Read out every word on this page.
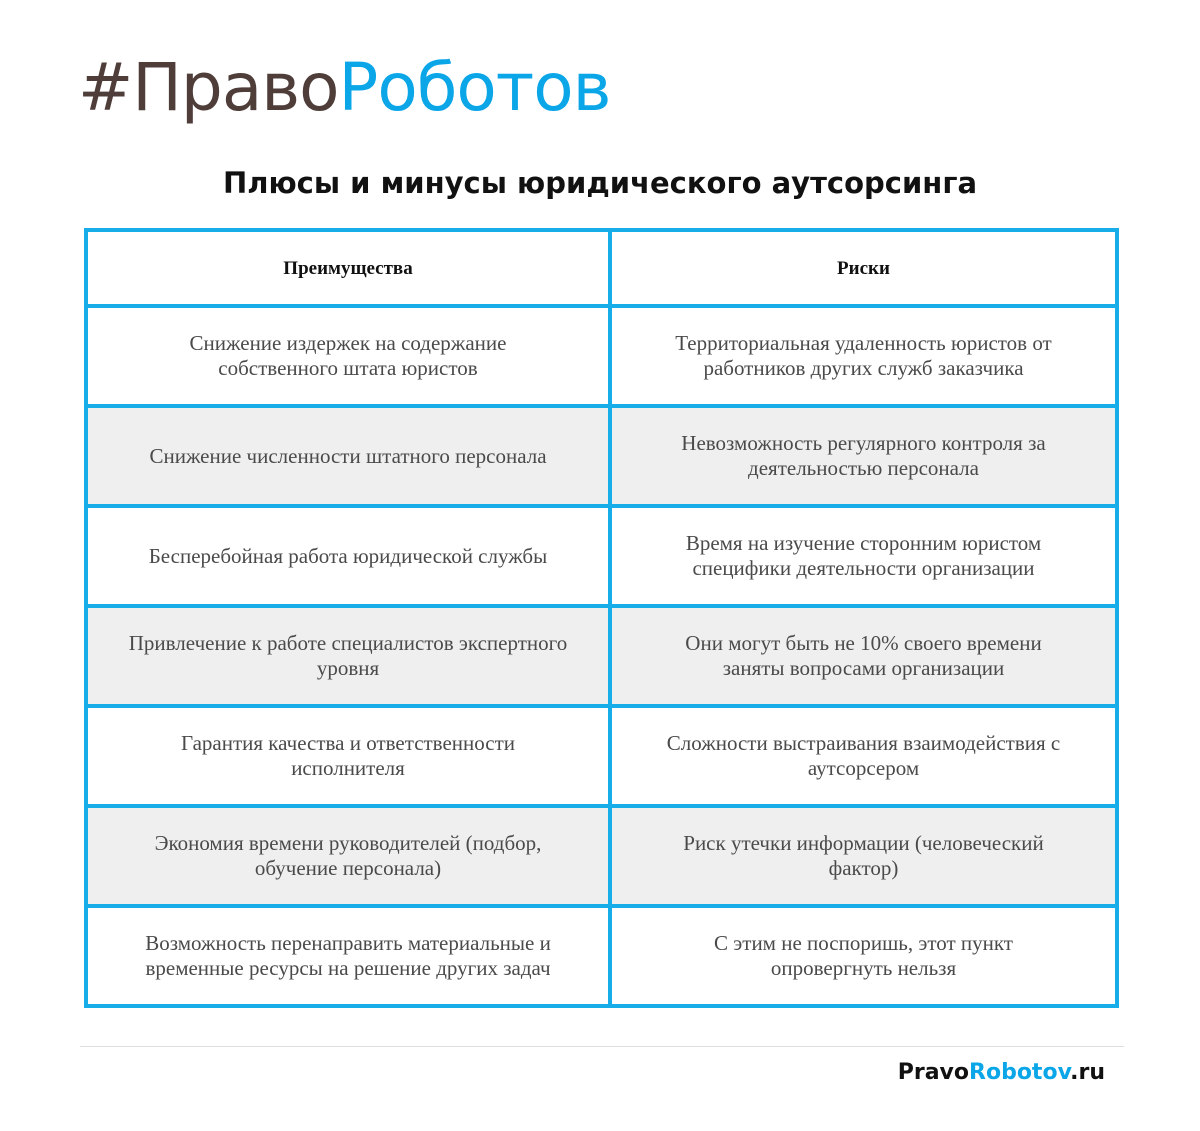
#ПравоРоботов
Плюсы и минусы юридического аутсорсинга
Преимущества	Риски
Снижение издержек на содержание собственного штата юристов	Территориальная удаленность юристов от работников других служб заказчика
Снижение численности штатного персонала	Невозможность регулярного контроля за деятельностью персонала
Бесперебойная работа юридической службы	Время на изучение сторонним юристом специфики деятельности организации
Привлечение к работе специалистов экспертного уровня	Они могут быть не 10% своего времени заняты вопросами организации
Гарантия качества и ответственности исполнителя	Сложности выстраивания взаимодействия с аутсорсером
Экономия времени руководителей (подбор, обучение персонала)	Риск утечки информации (человеческий фактор)
Возможность перенаправить материальные и временные ресурсы на решение других задач	С этим не поспоришь, этот пункт опровергнуть нельзя
PravoRobotov.ru
